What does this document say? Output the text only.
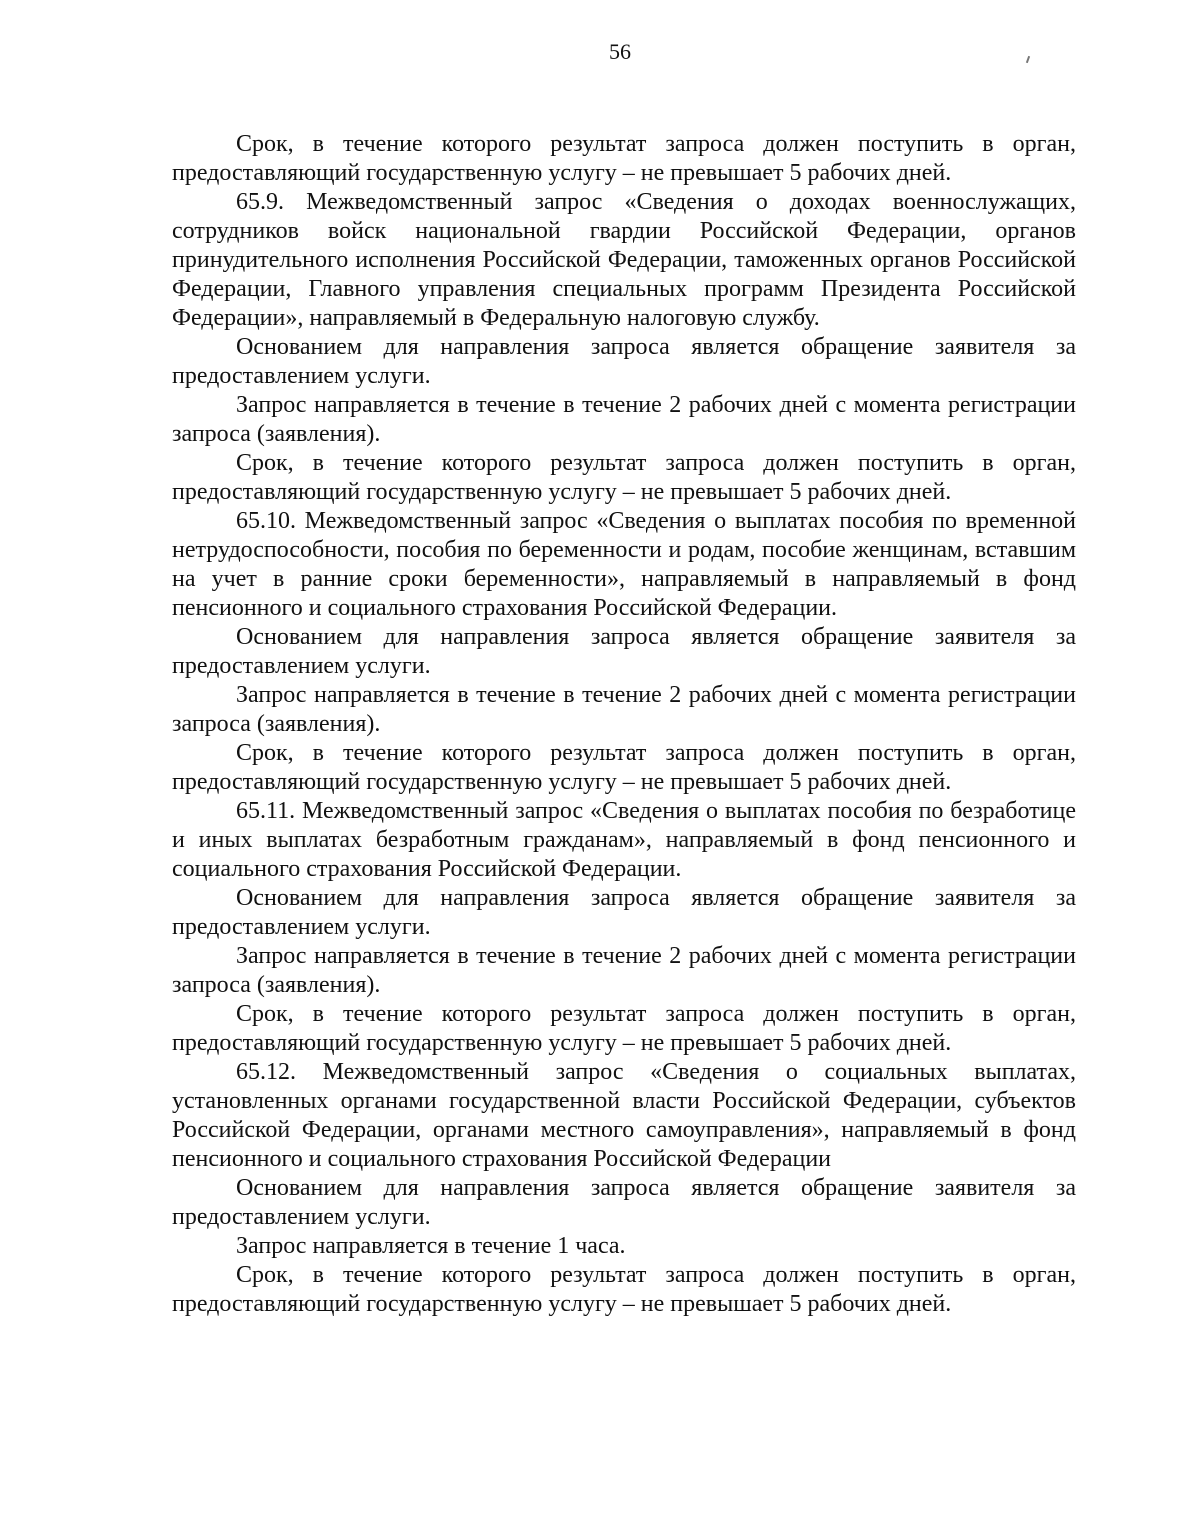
56

Срок, в течение которого результат запроса должен поступить в орган, предоставляющий государственную услугу – не превышает 5 рабочих дней.

65.9. Межведомственный запрос «Сведения о доходах военнослужащих, сотрудников войск национальной гвардии Российской Федерации, органов принудительного исполнения Российской Федерации, таможенных органов Российской Федерации, Главного управления специальных программ Президента Российской Федерации», направляемый в Федеральную налоговую службу.

Основанием для направления запроса является обращение заявителя за предоставлением услуги.

Запрос направляется в течение в течение 2 рабочих дней с момента регистрации запроса (заявления).

Срок, в течение которого результат запроса должен поступить в орган, предоставляющий государственную услугу – не превышает 5 рабочих дней.

65.10. Межведомственный запрос «Сведения о выплатах пособия по временной нетрудоспособности, пособия по беременности и родам, пособие женщинам, вставшим на учет в ранние сроки беременности», направляемый в направляемый в фонд пенсионного и социального страхования Российской Федерации.

Основанием для направления запроса является обращение заявителя за предоставлением услуги.

Запрос направляется в течение в течение 2 рабочих дней с момента регистрации запроса (заявления).

Срок, в течение которого результат запроса должен поступить в орган, предоставляющий государственную услугу – не превышает 5 рабочих дней.

65.11. Межведомственный запрос «Сведения о выплатах пособия по безработице и иных выплатах безработным гражданам», направляемый в фонд пенсионного и социального страхования Российской Федерации.

Основанием для направления запроса является обращение заявителя за предоставлением услуги.

Запрос направляется в течение в течение 2 рабочих дней с момента регистрации запроса (заявления).

Срок, в течение которого результат запроса должен поступить в орган, предоставляющий государственную услугу – не превышает 5 рабочих дней.

65.12. Межведомственный запрос «Сведения о социальных выплатах, установленных органами государственной власти Российской Федерации, субъектов Российской Федерации, органами местного самоуправления», направляемый в фонд пенсионного и социального страхования Российской Федерации

Основанием для направления запроса является обращение заявителя за предоставлением услуги.

Запрос направляется в течение 1 часа.

Срок, в течение которого результат запроса должен поступить в орган, предоставляющий государственную услугу – не превышает 5 рабочих дней.
